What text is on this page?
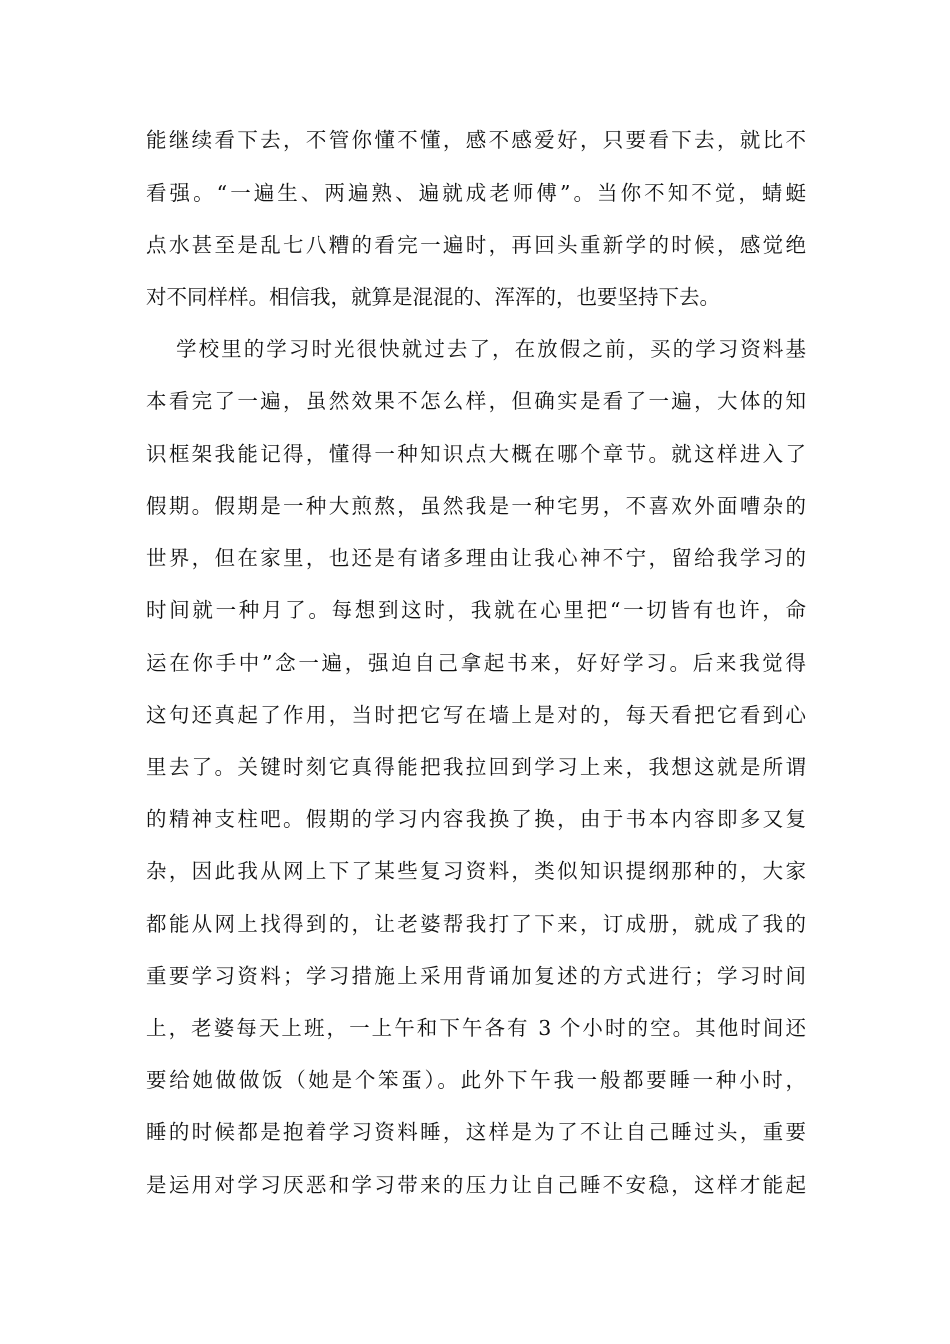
能继续看下去，不管你懂不懂，感不感爱好，只要看下去，就比不
看强。“一遍生、两遍熟、遍就成老师傅”。当你不知不觉，蜻蜓
点水甚至是乱七八糟的看完一遍时，再回头重新学的时候，感觉绝
对不同样样。相信我，就算是混混的、浑浑的，也要坚持下去。
学校里的学习时光很快就过去了，在放假之前，买的学习资料基
本看完了一遍，虽然效果不怎么样，但确实是看了一遍，大体的知
识框架我能记得，懂得一种知识点大概在哪个章节。就这样进入了
假期。假期是一种大煎熬，虽然我是一种宅男，不喜欢外面嘈杂的
世界，但在家里，也还是有诸多理由让我心神不宁，留给我学习的
时间就一种月了。每想到这时，我就在心里把“一切皆有也许，命
运在你手中”念一遍，强迫自己拿起书来，好好学习。后来我觉得
这句还真起了作用，当时把它写在墙上是对的，每天看把它看到心
里去了。关键时刻它真得能把我拉回到学习上来，我想这就是所谓
的精神支柱吧。假期的学习内容我换了换，由于书本内容即多又复
杂，因此我从网上下了某些复习资料，类似知识提纲那种的，大家
都能从网上找得到的，让老婆帮我打了下来，订成册，就成了我的
重要学习资料；学习措施上采用背诵加复述的方式进行；学习时间
上，老婆每天上班，一上午和下午各有 3 个小时的空。其他时间还
要给她做做饭（她是个笨蛋）。此外下午我一般都要睡一种小时，
睡的时候都是抱着学习资料睡，这样是为了不让自己睡过头，重要
是运用对学习厌恶和学习带来的压力让自己睡不安稳，这样才能起
